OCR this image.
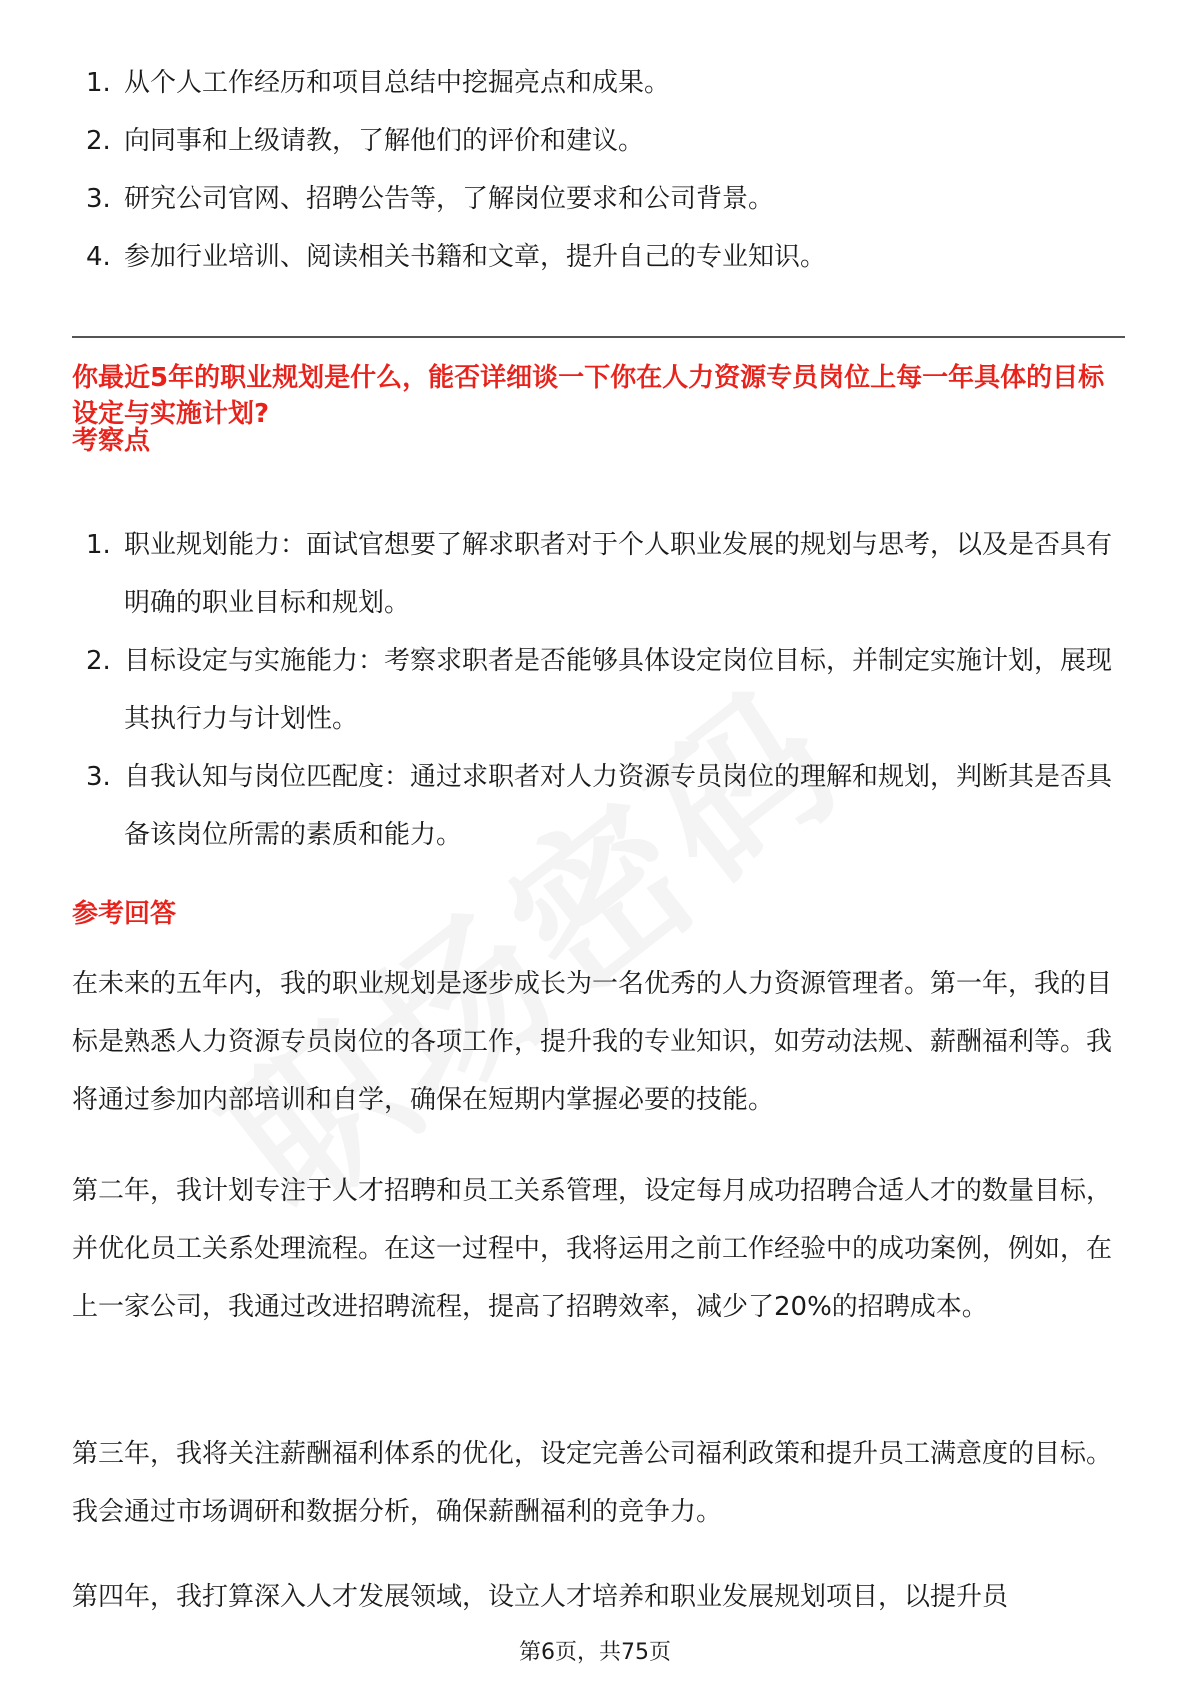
1. 从个人工作经历和项目总结中挖掘亮点和成果。
2. 向同事和上级请教，了解他们的评价和建议。
3. 研究公司官网、招聘公告等，了解岗位要求和公司背景。
4. 参加行业培训、阅读相关书籍和文章，提升自己的专业知识。
你最近5年的职业规划是什么，能否详细谈一下你在人力资源专员岗位上每一年具体的目标设定与实施计划?
考察点
1. 职业规划能力：面试官想要了解求职者对于个人职业发展的规划与思考，以及是否具有明确的职业目标和规划。
2. 目标设定与实施能力：考察求职者是否能够具体设定岗位目标，并制定实施计划，展现其执行力与计划性。
3. 自我认知与岗位匹配度：通过求职者对人力资源专员岗位的理解和规划，判断其是否具备该岗位所需的素质和能力。
参考回答

在未来的五年内，我的职业规划是逐步成长为一名优秀的人力资源管理者。第一年，我的目标是熟悉人力资源专员岗位的各项工作，提升我的专业知识，如劳动法规、薪酬福利等。我将通过参加内部培训和自学，确保在短期内掌握必要的技能。

第二年，我计划专注于人才招聘和员工关系管理，设定每月成功招聘合适人才的数量目标，并优化员工关系处理流程。在这一过程中，我将运用之前工作经验中的成功案例，例如，在上一家公司，我通过改进招聘流程，提高了招聘效率，减少了20%的招聘成本。

第三年，我将关注薪酬福利体系的优化，设定完善公司福利政策和提升员工满意度的目标。我会通过市场调研和数据分析，确保薪酬福利的竞争力。

第四年，我打算深入人才发展领域，设立人才培养和职业发展规划项目，以提升员

第6页，共75页
